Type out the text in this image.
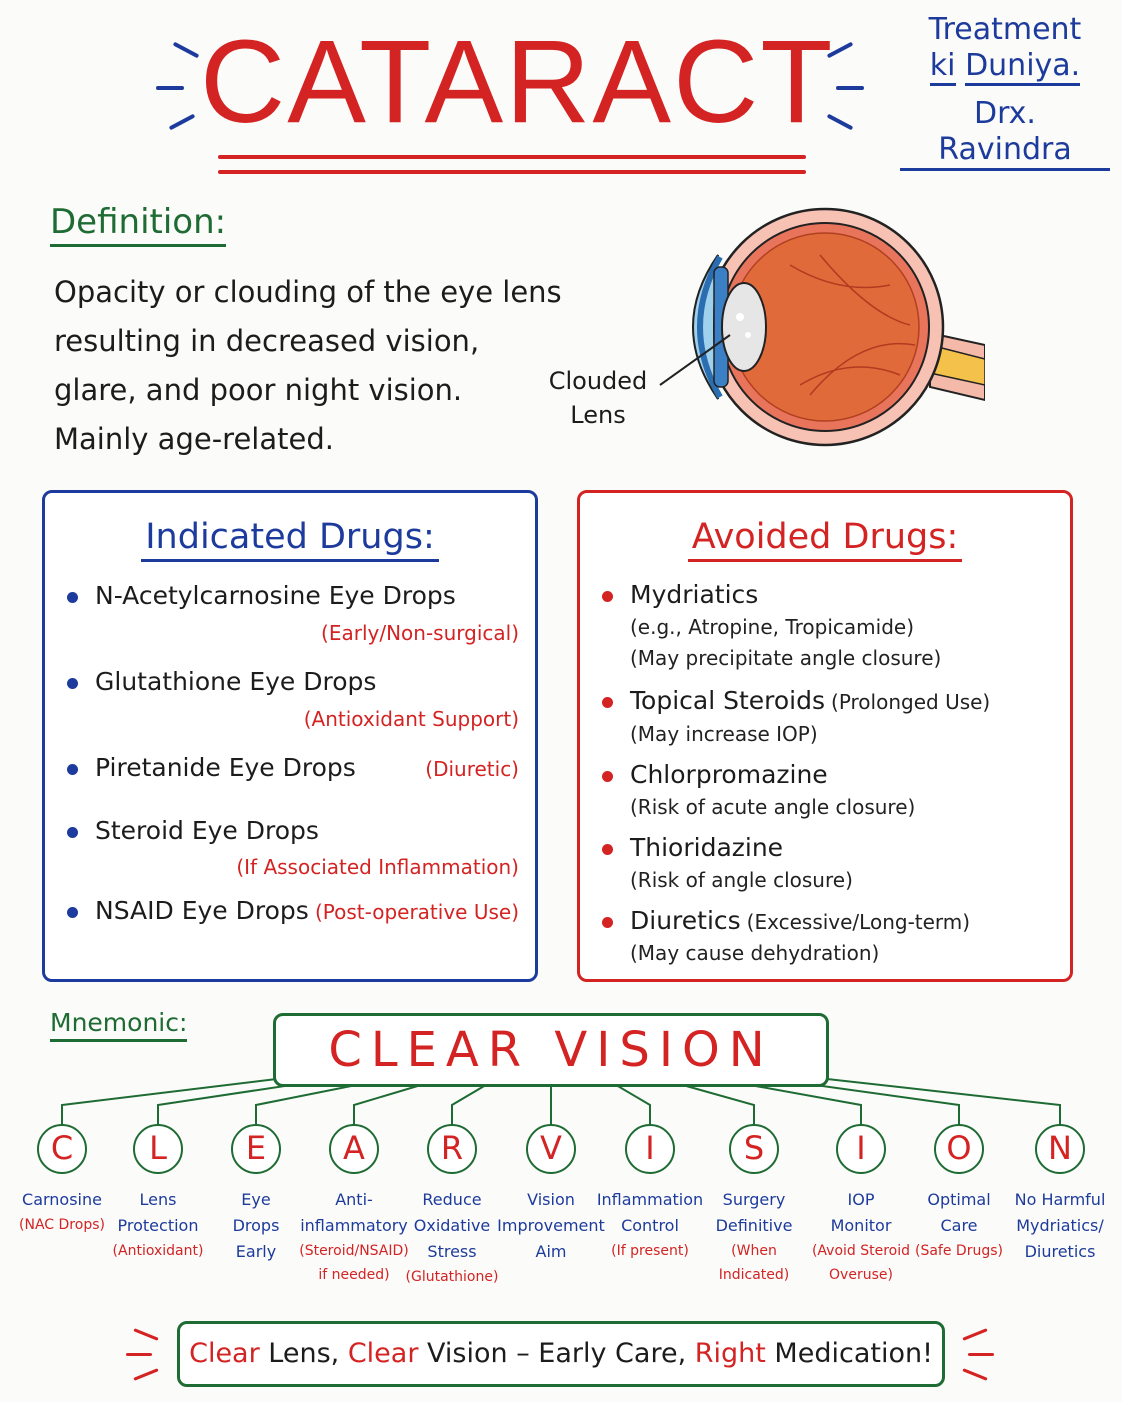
CATARACT	Treatment
ki Duniya.
Drx. Ravindra
Definition:
Opacity or clouding of the eye lens
resulting in decreased vision,
glare, and poor night vision.
Mainly age-related.
Clouded
Lens
Indicated Drugs:
N-Acetylcarnosine Eye Drops
(Early/Non-surgical)
Glutathione Eye Drops
(Antioxidant Support)
Piretanide Eye Drops	(Diuretic)
Steroid Eye Drops
(If Associated Inflammation)
NSAID Eye Drops (Post-operative Use)
Avoided Drugs:
Mydriatics
(e.g., Atropine, Tropicamide)
(May precipitate angle closure)
Topical Steroids (Prolonged Use)
(May increase IOP)
Chlorpromazine
(Risk of acute angle closure)
Thioridazine
(Risk of angle closure)
Diuretics (Excessive/Long-term)
(May cause dehydration)
Mnemonic:	CLEAR VISION
C
Carnosine
(NAC Drops)
L
Lens
Protection
(Antioxidant)
E
Eye
Drops
Early
A
Anti-
inflammatory
(Steroid/NSAID)
if needed)
R
Reduce
Oxidative
Stress
(Glutathione)
V
Vision
Improvement
Aim
I
Inflammation
Control
(If present)
S
Surgery
Definitive
(When Indicated)
I
IOP
Monitor
(Avoid Steroid
Overuse)
O
Optimal
Care
(Safe Drugs)
N
No Harmful
Mydriatics/
Diuretics
Clear Lens, Clear Vision – Early Care, Right Medication!
